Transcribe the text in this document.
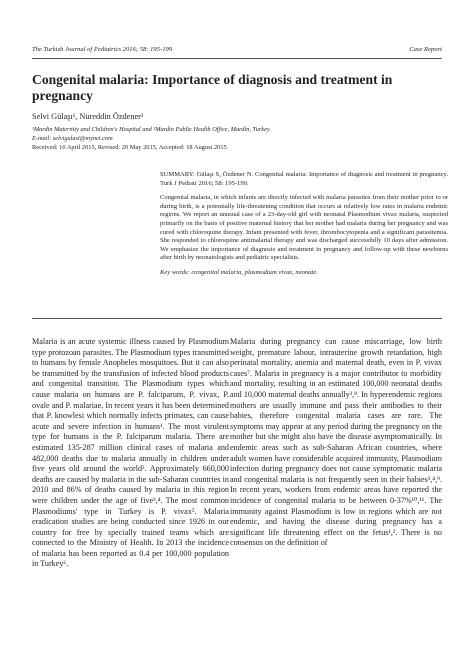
The Turkish Journal of Pediatrics 2016; 58: 195-199	Case Report
Congenital malaria: Importance of diagnosis and treatment in pregnancy
Selvi Gülaşı¹, Nureddin Özdener²
¹Mardin Maternity and Children's Hospital and ²Mardin Public Health Office, Mardin, Turkey.
E-mail: selvigulasi@mynet.com
Received: 10 April 2015, Revised: 20 May 2015, Accepted: 18 August 2015

SUMMARY: Gülaşı S, Özdener N. Congenital malaria: Importance of diagnosis and treatment in pregnancy. Turk J Pediatr 2016; 58: 195-199.

Congenital malaria, in which infants are directly infected with malaria parasites from their mother prior to or during birth, is a potentially life-threatening condition that occurs at relatively low rates in malaria endemic regions. We report an unusual case of a 23-day-old girl with neonatal Plasmodium vivax malaria, suspected primarily on the basis of positive maternal history that her mother had malaria during her pregnancy and was cured with chloroquine therapy. Infant presented with fever, thrombocytopenia and a significant parasitemia. She responded to chloroquine antimalarial therapy and was discharged successfully 10 days after admission. We emphasize the importance of diagnosis and treatment in pregnancy and follow-up with these newborns after birth by neonatologists and pediatric specialists.

Key words: congenital malaria, plasmodium vivax, neonate.

Malaria is an acute systemic illness caused by Plasmodium type protozoan parasites. The Plasmodium types transmitted to humans by female Anopheles mosquitoes. But it can also be transmitted by the transfusion of infected blood products and congenital transition. The Plasmodium types which cause malaria on humans are P. falciparum, P. vivax, P. ovale and P. malariae. In recent years it has been determined that P. knowlesi which normally infects primates, can cause acute and severe infection in humans¹. The most virulent type for humans is the P. falciparum malaria. There are estimated 135-287 million clinical cases of malaria and 482,000 deaths due to malaria annually in children under five years old around the world². Approximately 660,000 deaths are caused by malaria in the sub-Saharan countries in 2010 and 86% of deaths caused by malaria in this region were children under the age of five³,⁴. The most common Plasmodiums' type in Turkey is P. vivax⁵. Malaria eradication studies are being conducted since 1926 in our country for free by specially trained teams which are connected to the Ministry of Health. In 2013 the incidence of malaria has been reported as 0.4 per 100,000 population in Turkey⁶.

Malaria during pregnancy can cause miscarriage, low birth weight, premature labour, intrauterine growth retardation, high perinatal mortality, anemia and maternal death, even in P. vivax cases⁷. Malaria in pregnancy is a major contributor to morbidity and mortality, resulting in an estimated 100,000 neonatal deaths and 10,000 maternal deaths annually³,⁸. In hyperendemic regions mothers are usually immune and pass their antibodies to their babies, therefore congenital malaria cases are rare. The symptoms may appear at any period during the pregnancy on the mother but she might also have the disease asymptomatically. In endemic areas such as sub-Saharan African countries, where adult women have considerable acquired immunity, Plasmodium infection during pregnancy does not cause symptomatic malaria and congenital malaria is not frequently seen in their babies³,⁴,⁹. In recent years, workers from endemic areas have reported the incidence of congenital malaria to be between 0-37%¹⁰,¹¹. The immunity against Plasmodium is low in regions which are not endemic, and having the disease during pregnancy has a significant life threatening effect on the fetus¹,². There is no consensus on the definition of
